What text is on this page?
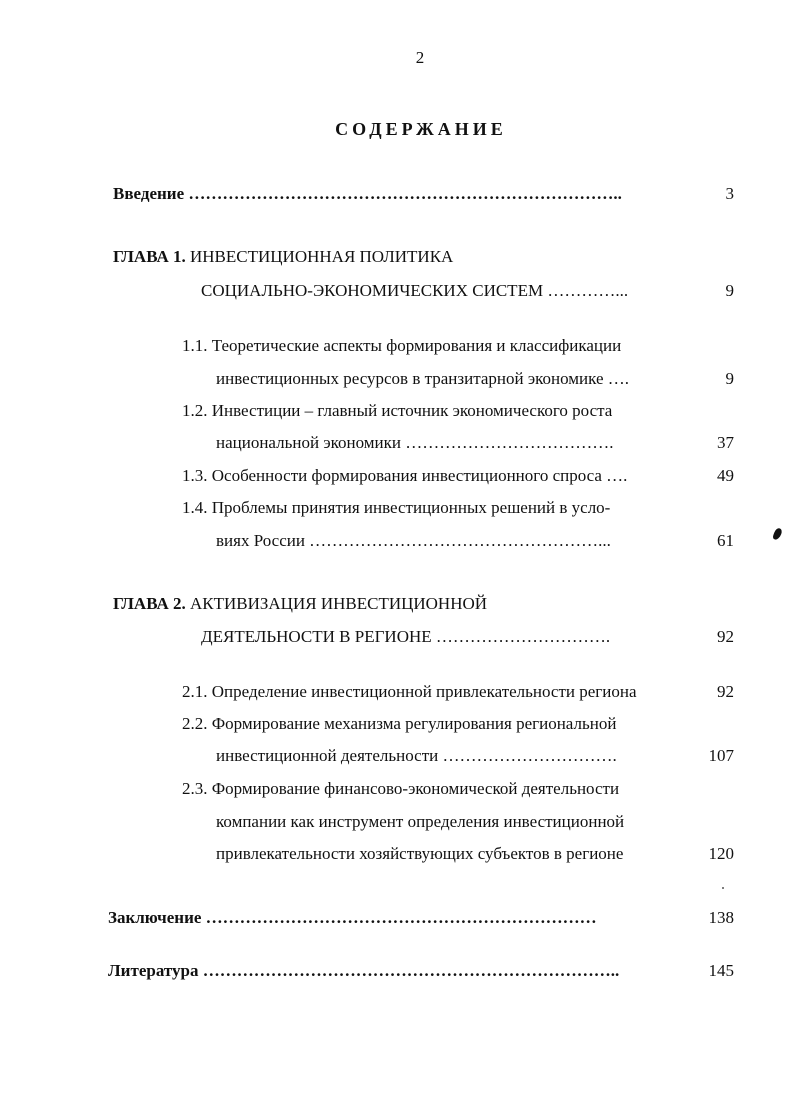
2
СОДЕРЖАНИЕ
Введение …………………………………………………………………..	3
ГЛАВА 1. ИНВЕСТИЦИОННАЯ ПОЛИТИКА
СОЦИАЛЬНО-ЭКОНОМИЧЕСКИХ СИСТЕМ …………...	9
1.1. Теоретические аспекты формирования и классификации
инвестиционных ресурсов в транзитарной экономике ….	9
1.2. Инвестиции – главный источник экономического роста
национальной экономики ……………………………….	37
1.3. Особенности формирования инвестиционного спроса ….	49
1.4. Проблемы принятия инвестиционных решений в усло-
виях России ……………………………………………...	61
ГЛАВА 2. АКТИВИЗАЦИЯ ИНВЕСТИЦИОННОЙ
ДЕЯТЕЛЬНОСТИ В РЕГИОНЕ ………………………….	92
2.1. Определение инвестиционной привлекательности региона	92
2.2. Формирование механизма регулирования региональной
инвестиционной деятельности ………………………….	107
2.3. Формирование финансово-экономической деятельности
компании как инструмент определения инвестиционной
привлекательности хозяйствующих субъектов в регионе	120
Заключение ……………………………………………………………	138
Литература ………………………………………………………………..	145
